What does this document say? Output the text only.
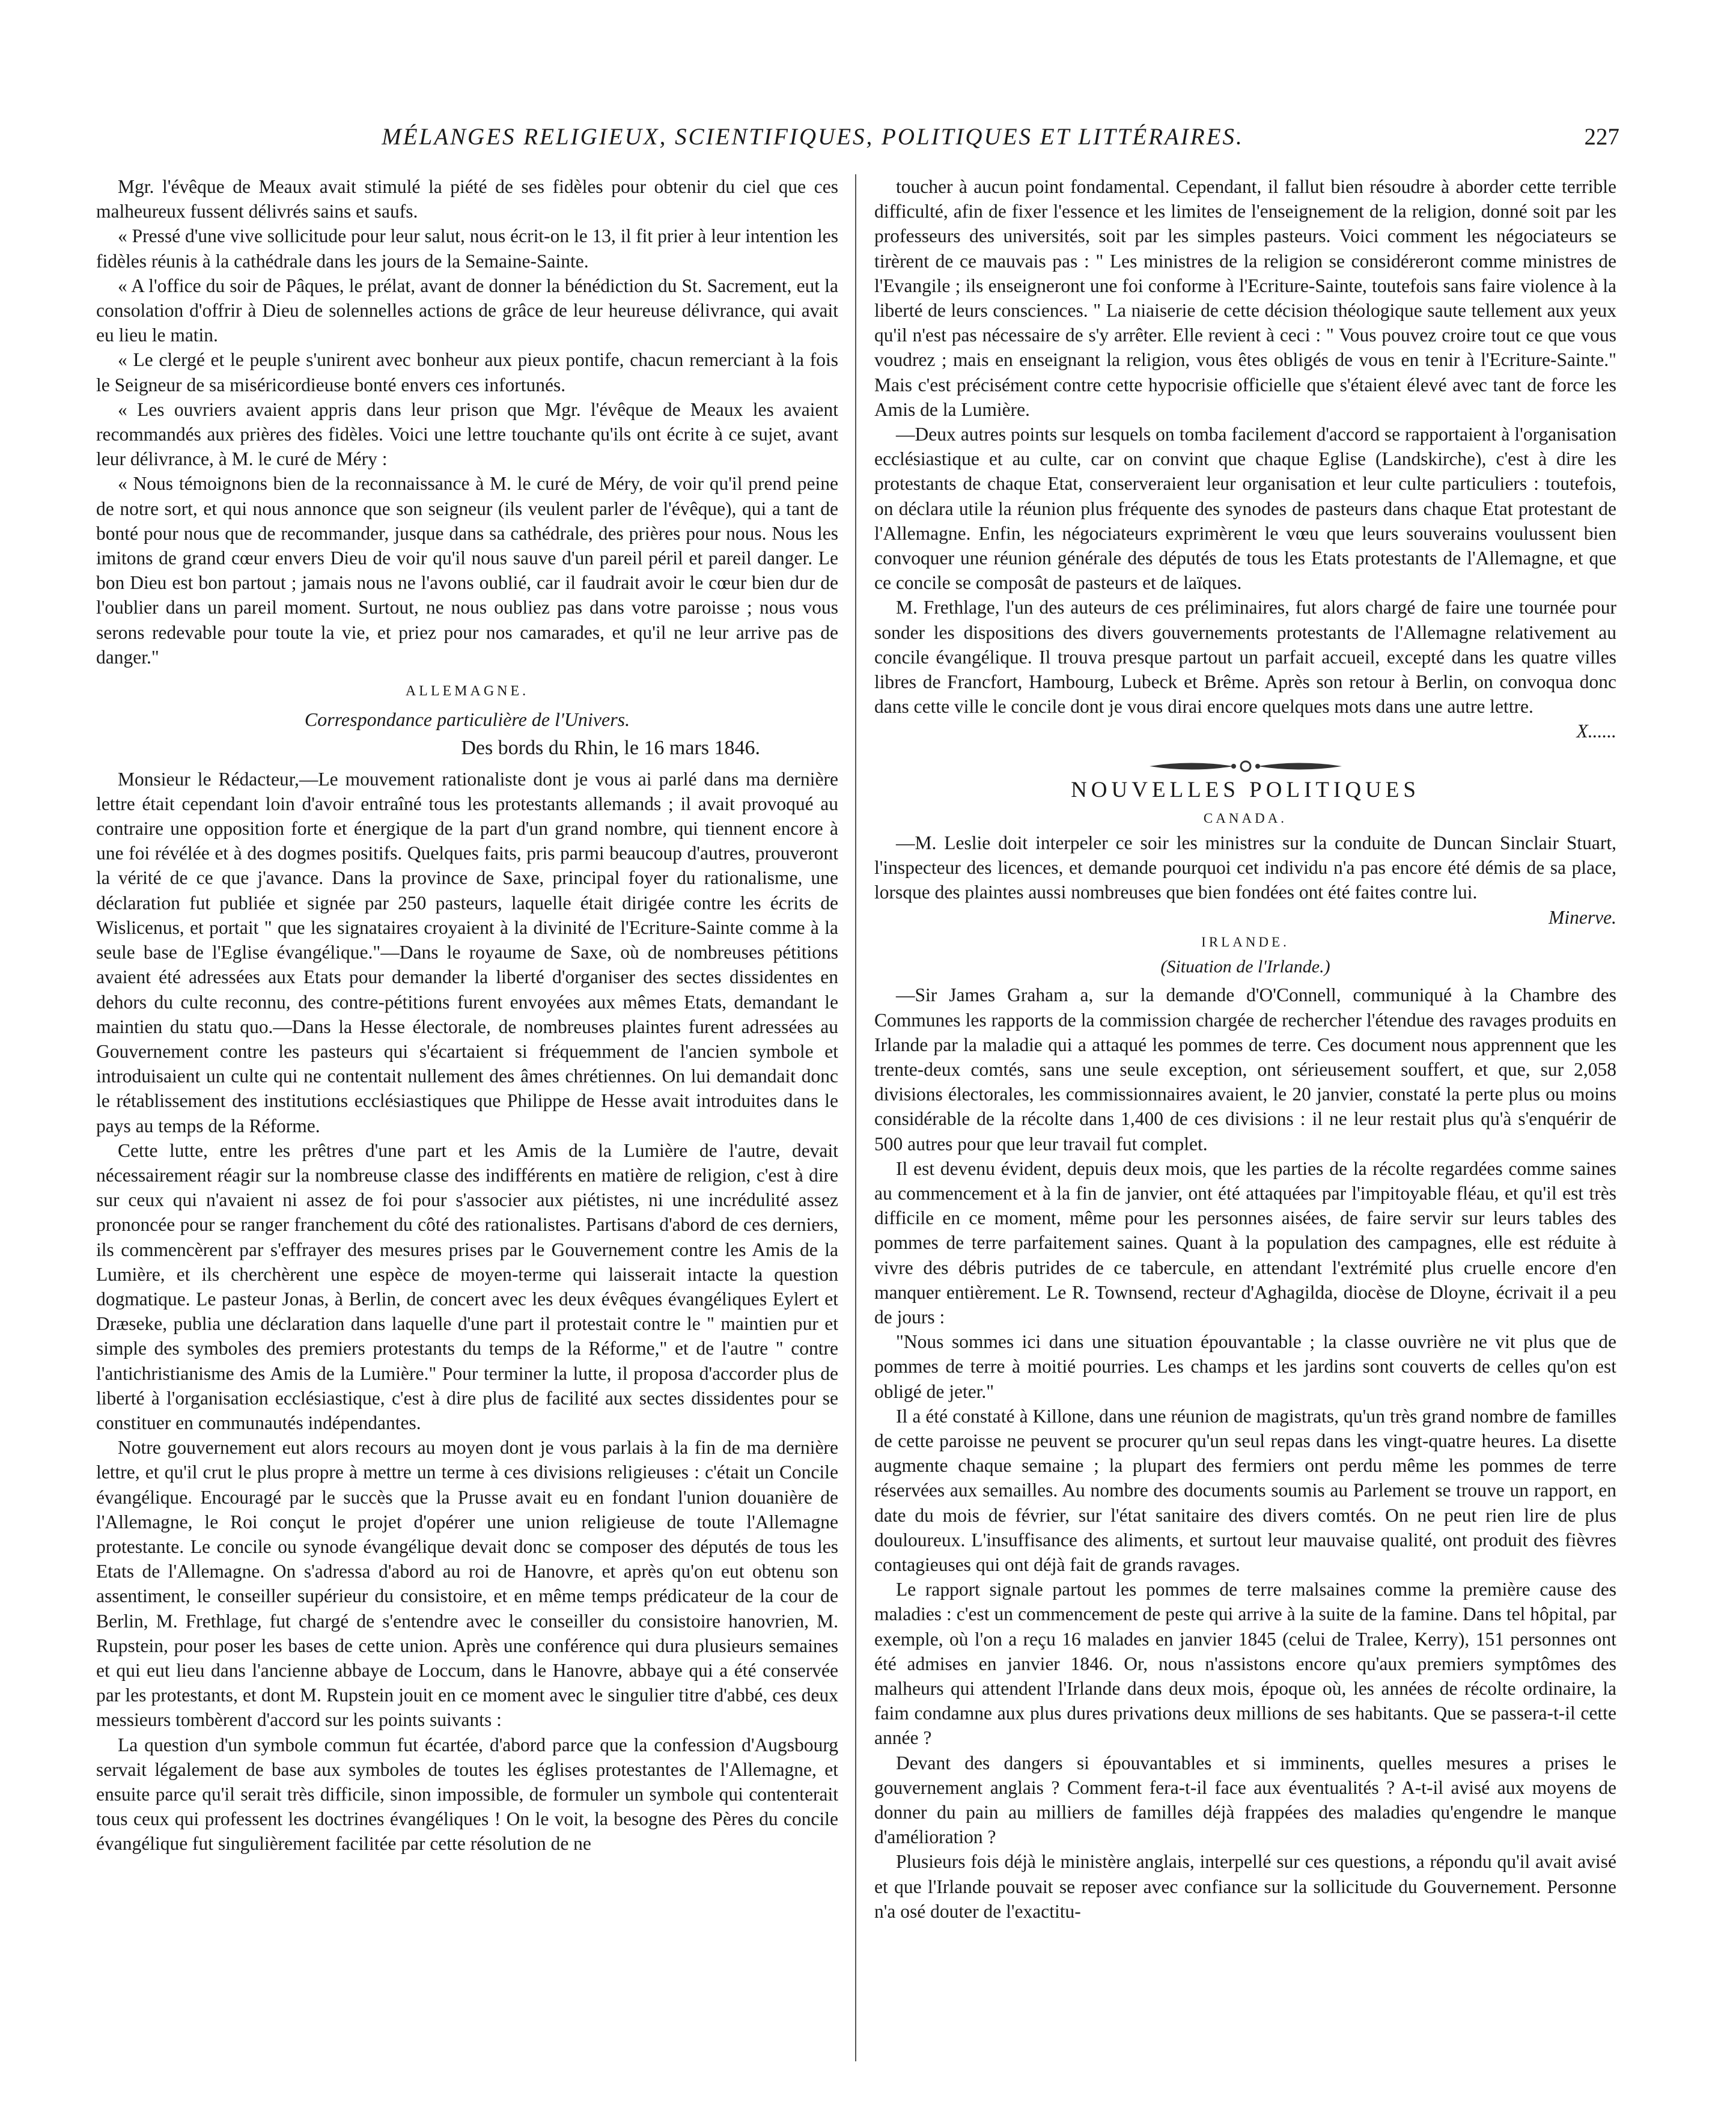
MÉLANGES RELIGIEUX, SCIENTIFIQUES, POLITIQUES ET LITTÉRAIRES.	227

Mgr. l'évêque de Meaux avait stimulé la piété de ses fidèles pour obtenir du ciel que ces malheureux fussent délivrés sains et saufs.

« Pressé d'une vive sollicitude pour leur salut, nous écrit-on le 13, il fit prier à leur intention les fidèles réunis à la cathédrale dans les jours de la Semaine-Sainte.

« A l'office du soir de Pâques, le prélat, avant de donner la bénédiction du St. Sacrement, eut la consolation d'offrir à Dieu de solennelles actions de grâce de leur heureuse délivrance, qui avait eu lieu le matin.

« Le clergé et le peuple s'unirent avec bonheur aux pieux pontife, chacun remerciant à la fois le Seigneur de sa miséricordieuse bonté envers ces infortunés.

« Les ouvriers avaient appris dans leur prison que Mgr. l'évêque de Meaux les avaient recommandés aux prières des fidèles. Voici une lettre touchante qu'ils ont écrite à ce sujet, avant leur délivrance, à M. le curé de Méry :

« Nous témoignons bien de la reconnaissance à M. le curé de Méry, de voir qu'il prend peine de notre sort, et qui nous annonce que son seigneur (ils veulent parler de l'évêque), qui a tant de bonté pour nous que de recommander, jusque dans sa cathédrale, des prières pour nous. Nous les imitons de grand cœur envers Dieu de voir qu'il nous sauve d'un pareil péril et pareil danger. Le bon Dieu est bon partout ; jamais nous ne l'avons oublié, car il faudrait avoir le cœur bien dur de l'oublier dans un pareil moment. Surtout, ne nous oubliez pas dans votre paroisse ; nous vous serons redevable pour toute la vie, et priez pour nos camarades, et qu'il ne leur arrive pas de danger."

ALLEMAGNE.

Correspondance particulière de l'Univers.

Des bords du Rhin, le 16 mars 1846.

Monsieur le Rédacteur,—Le mouvement rationaliste dont je vous ai parlé dans ma dernière lettre était cependant loin d'avoir entraîné tous les protestants allemands ; il avait provoqué au contraire une opposition forte et énergique de la part d'un grand nombre, qui tiennent encore à une foi révélée et à des dogmes positifs. Quelques faits, pris parmi beaucoup d'autres, prouveront la vérité de ce que j'avance. Dans la province de Saxe, principal foyer du rationalisme, une déclaration fut publiée et signée par 250 pasteurs, laquelle était dirigée contre les écrits de Wislicenus, et portait " que les signataires croyaient à la divinité de l'Ecriture-Sainte comme à la seule base de l'Eglise évangélique."—Dans le royaume de Saxe, où de nombreuses pétitions avaient été adressées aux Etats pour demander la liberté d'organiser des sectes dissidentes en dehors du culte reconnu, des contre-pétitions furent envoyées aux mêmes Etats, demandant le maintien du statu quo.—Dans la Hesse électorale, de nombreuses plaintes furent adressées au Gouvernement contre les pasteurs qui s'écartaient si fréquemment de l'ancien symbole et introduisaient un culte qui ne contentait nullement des âmes chrétiennes. On lui demandait donc le rétablissement des institutions ecclésiastiques que Philippe de Hesse avait introduites dans le pays au temps de la Réforme.

Cette lutte, entre les prêtres d'une part et les Amis de la Lumière de l'autre, devait nécessairement réagir sur la nombreuse classe des indifférents en matière de religion, c'est à dire sur ceux qui n'avaient ni assez de foi pour s'associer aux piétistes, ni une incrédulité assez prononcée pour se ranger franchement du côté des rationalistes. Partisans d'abord de ces derniers, ils commencèrent par s'effrayer des mesures prises par le Gouvernement contre les Amis de la Lumière, et ils cherchèrent une espèce de moyen-terme qui laisserait intacte la question dogmatique. Le pasteur Jonas, à Berlin, de concert avec les deux évêques évangéliques Eylert et Dræseke, publia une déclaration dans laquelle d'une part il protestait contre le " maintien pur et simple des symboles des premiers protestants du temps de la Réforme," et de l'autre " contre l'antichristianisme des Amis de la Lumière." Pour terminer la lutte, il proposa d'accorder plus de liberté à l'organisation ecclésiastique, c'est à dire plus de facilité aux sectes dissidentes pour se constituer en communautés indépendantes.

Notre gouvernement eut alors recours au moyen dont je vous parlais à la fin de ma dernière lettre, et qu'il crut le plus propre à mettre un terme à ces divisions religieuses : c'était un Concile évangélique. Encouragé par le succès que la Prusse avait eu en fondant l'union douanière de l'Allemagne, le Roi conçut le projet d'opérer une union religieuse de toute l'Allemagne protestante. Le concile ou synode évangélique devait donc se composer des députés de tous les Etats de l'Allemagne. On s'adressa d'abord au roi de Hanovre, et après qu'on eut obtenu son assentiment, le conseiller supérieur du consistoire, et en même temps prédicateur de la cour de Berlin, M. Frethlage, fut chargé de s'entendre avec le conseiller du consistoire hanovrien, M. Rupstein, pour poser les bases de cette union. Après une conférence qui dura plusieurs semaines et qui eut lieu dans l'ancienne abbaye de Loccum, dans le Hanovre, abbaye qui a été conservée par les protestants, et dont M. Rupstein jouit en ce moment avec le singulier titre d'abbé, ces deux messieurs tombèrent d'accord sur les points suivants :

La question d'un symbole commun fut écartée, d'abord parce que la confession d'Augsbourg servait légalement de base aux symboles de toutes les églises protestantes de l'Allemagne, et ensuite parce qu'il serait très difficile, sinon impossible, de formuler un symbole qui contenterait tous ceux qui professent les doctrines évangéliques ! On le voit, la besogne des Pères du concile évangélique fut singulièrement facilitée par cette résolution de ne

toucher à aucun point fondamental. Cependant, il fallut bien résoudre à aborder cette terrible difficulté, afin de fixer l'essence et les limites de l'enseignement de la religion, donné soit par les professeurs des universités, soit par les simples pasteurs. Voici comment les négociateurs se tirèrent de ce mauvais pas : " Les ministres de la religion se considéreront comme ministres de l'Evangile ; ils enseigneront une foi conforme à l'Ecriture-Sainte, toutefois sans faire violence à la liberté de leurs consciences. " La niaiserie de cette décision théologique saute tellement aux yeux qu'il n'est pas nécessaire de s'y arrêter. Elle revient à ceci : " Vous pouvez croire tout ce que vous voudrez ; mais en enseignant la religion, vous êtes obligés de vous en tenir à l'Ecriture-Sainte." Mais c'est précisément contre cette hypocrisie officielle que s'étaient élevé avec tant de force les Amis de la Lumière.

—Deux autres points sur lesquels on tomba facilement d'accord se rapportaient à l'organisation ecclésiastique et au culte, car on convint que chaque Eglise (Landskirche), c'est à dire les protestants de chaque Etat, conserveraient leur organisation et leur culte particuliers : toutefois, on déclara utile la réunion plus fréquente des synodes de pasteurs dans chaque Etat protestant de l'Allemagne. Enfin, les négociateurs exprimèrent le vœu que leurs souverains voulussent bien convoquer une réunion générale des députés de tous les Etats protestants de l'Allemagne, et que ce concile se composât de pasteurs et de laïques.

M. Frethlage, l'un des auteurs de ces préliminaires, fut alors chargé de faire une tournée pour sonder les dispositions des divers gouvernements protestants de l'Allemagne relativement au concile évangélique. Il trouva presque partout un parfait accueil, excepté dans les quatre villes libres de Francfort, Hambourg, Lubeck et Brême. Après son retour à Berlin, on convoqua donc dans cette ville le concile dont je vous dirai encore quelques mots dans une autre lettre.

X......

NOUVELLES POLITIQUES

CANADA.

—M. Leslie doit interpeler ce soir les ministres sur la conduite de Duncan Sinclair Stuart, l'inspecteur des licences, et demande pourquoi cet individu n'a pas encore été démis de sa place, lorsque des plaintes aussi nombreuses que bien fondées ont été faites contre lui.

Minerve.

IRLANDE.

(Situation de l'Irlande.)

—Sir James Graham a, sur la demande d'O'Connell, communiqué à la Chambre des Communes les rapports de la commission chargée de rechercher l'étendue des ravages produits en Irlande par la maladie qui a attaqué les pommes de terre. Ces document nous apprennent que les trente-deux comtés, sans une seule exception, ont sérieusement souffert, et que, sur 2,058 divisions électorales, les commissionnaires avaient, le 20 janvier, constaté la perte plus ou moins considérable de la récolte dans 1,400 de ces divisions : il ne leur restait plus qu'à s'enquérir de 500 autres pour que leur travail fut complet.

Il est devenu évident, depuis deux mois, que les parties de la récolte regardées comme saines au commencement et à la fin de janvier, ont été attaquées par l'impitoyable fléau, et qu'il est très difficile en ce moment, même pour les personnes aisées, de faire servir sur leurs tables des pommes de terre parfaitement saines. Quant à la population des campagnes, elle est réduite à vivre des débris putrides de ce tabercule, en attendant l'extrémité plus cruelle encore d'en manquer entièrement. Le R. Townsend, recteur d'Aghagilda, diocèse de Dloyne, écrivait il a peu de jours :

"Nous sommes ici dans une situation épouvantable ; la classe ouvrière ne vit plus que de pommes de terre à moitié pourries. Les champs et les jardins sont couverts de celles qu'on est obligé de jeter."

Il a été constaté à Killone, dans une réunion de magistrats, qu'un très grand nombre de familles de cette paroisse ne peuvent se procurer qu'un seul repas dans les vingt-quatre heures. La disette augmente chaque semaine ; la plupart des fermiers ont perdu même les pommes de terre réservées aux semailles. Au nombre des documents soumis au Parlement se trouve un rapport, en date du mois de février, sur l'état sanitaire des divers comtés. On ne peut rien lire de plus douloureux. L'insuffisance des aliments, et surtout leur mauvaise qualité, ont produit des fièvres contagieuses qui ont déjà fait de grands ravages.

Le rapport signale partout les pommes de terre malsaines comme la première cause des maladies : c'est un commencement de peste qui arrive à la suite de la famine. Dans tel hôpital, par exemple, où l'on a reçu 16 malades en janvier 1845 (celui de Tralee, Kerry), 151 personnes ont été admises en janvier 1846. Or, nous n'assistons encore qu'aux premiers symptômes des malheurs qui attendent l'Irlande dans deux mois, époque où, les années de récolte ordinaire, la faim condamne aux plus dures privations deux millions de ses habitants. Que se passera-t-il cette année ?

Devant des dangers si épouvantables et si imminents, quelles mesures a prises le gouvernement anglais ? Comment fera-t-il face aux éventualités ? A-t-il avisé aux moyens de donner du pain au milliers de familles déjà frappées des maladies qu'engendre le manque d'amélioration ?

Plusieurs fois déjà le ministère anglais, interpellé sur ces questions, a répondu qu'il avait avisé et que l'Irlande pouvait se reposer avec confiance sur la sollicitude du Gouvernement. Personne n'a osé douter de l'exactitu-
